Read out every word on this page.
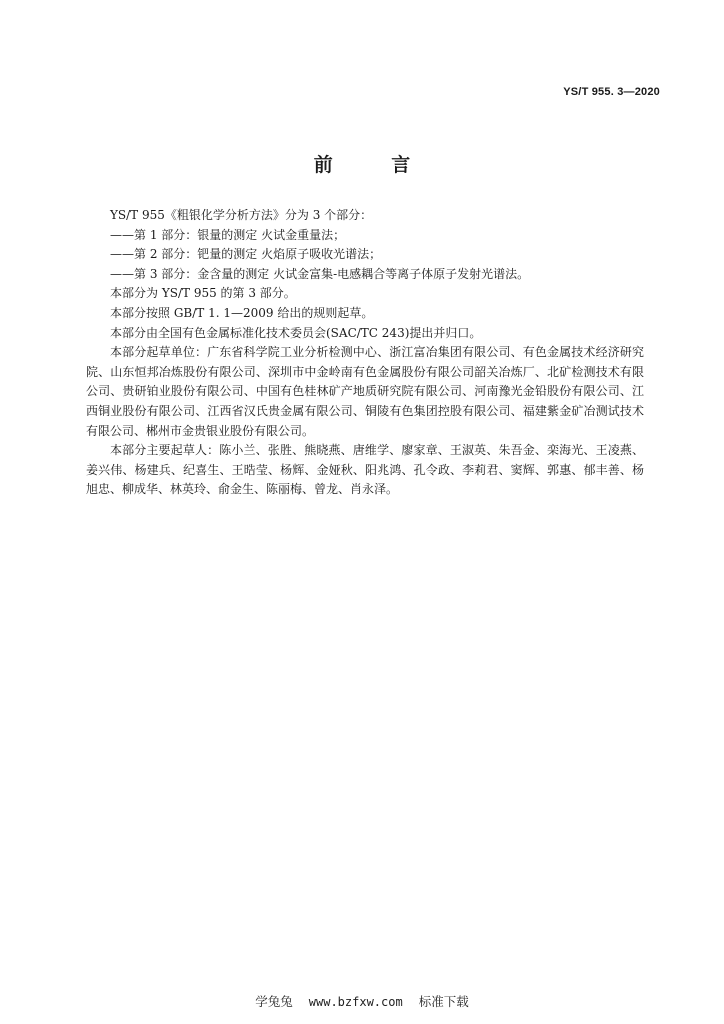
YS/T 955. 3—2020
前 言

YS/T 955《粗银化学分析方法》分为 3 个部分：

——第 1 部分：银量的测定 火试金重量法；

——第 2 部分：钯量的测定 火焰原子吸收光谱法；

——第 3 部分：金含量的测定 火试金富集-电感耦合等离子体原子发射光谱法。

本部分为 YS/T 955 的第 3 部分。

本部分按照 GB/T 1. 1—2009 给出的规则起草。

本部分由全国有色金属标准化技术委员会(SAC/TC 243)提出并归口。

本部分起草单位：广东省科学院工业分析检测中心、浙江富冶集团有限公司、有色金属技术经济研究院、山东恒邦冶炼股份有限公司、深圳市中金岭南有色金属股份有限公司韶关冶炼厂、北矿检测技术有限公司、贵研铂业股份有限公司、中国有色桂林矿产地质研究院有限公司、河南豫光金铅股份有限公司、江西铜业股份有限公司、江西省汉氏贵金属有限公司、铜陵有色集团控股有限公司、福建紫金矿冶测试技术有限公司、郴州市金贵银业股份有限公司。

本部分主要起草人：陈小兰、张胜、熊晓燕、唐维学、廖家章、王淑英、朱吾金、栾海光、王凌燕、姜兴伟、杨建兵、纪喜生、王晧莹、杨辉、金娅秋、阳兆鸿、孔令政、李莉君、窦辉、郭惠、郁丰善、杨旭忠、柳成华、林英玲、俞金生、陈丽梅、曾龙、肖永泽。

学兔兔 www.bzfxw.com 标准下载
